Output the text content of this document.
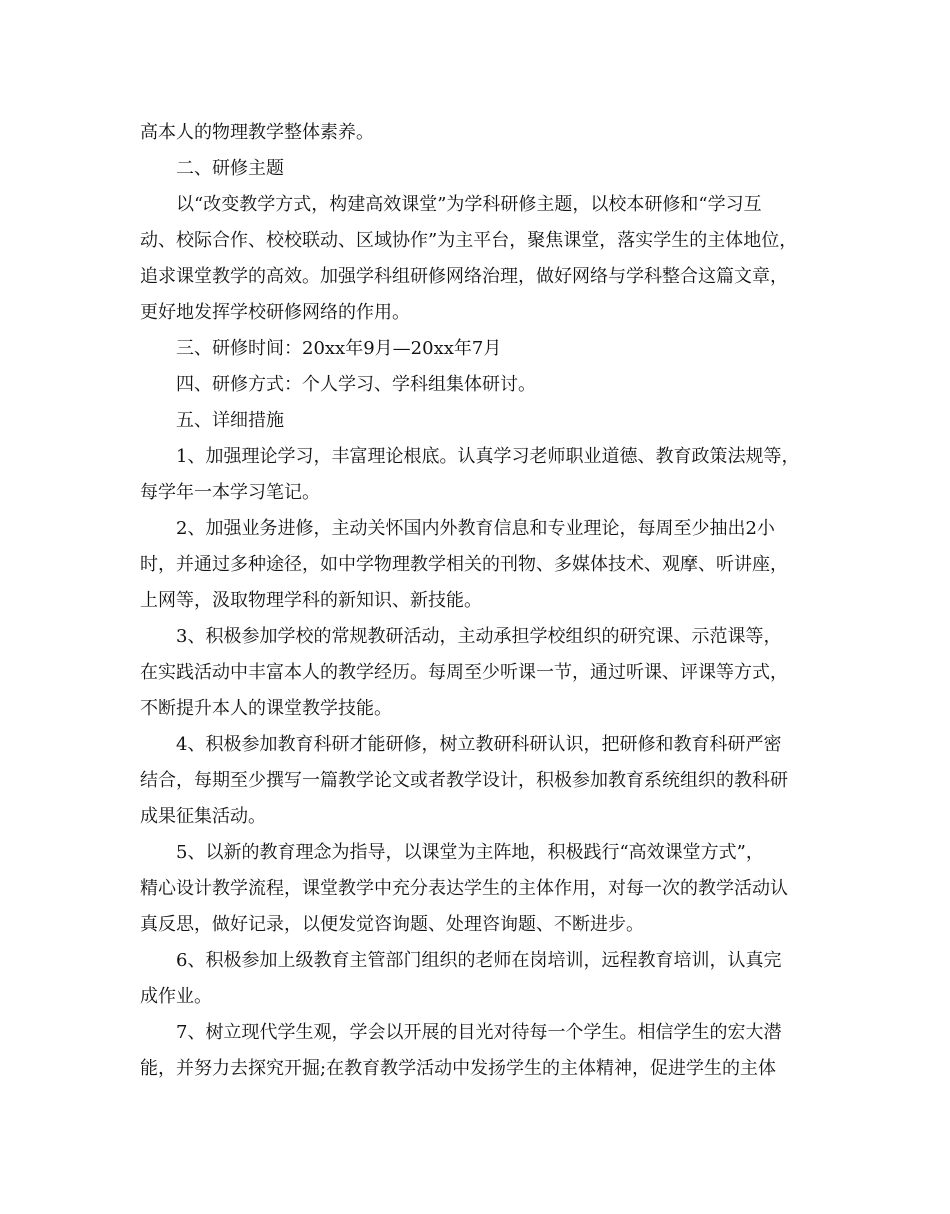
高本人的物理教学整体素养。
二、研修主题
以“改变教学方式，构建高效课堂”为学科研修主题，以校本研修和“学习互
动、校际合作、校校联动、区域协作”为主平台，聚焦课堂，落实学生的主体地位，
追求课堂教学的高效。加强学科组研修网络治理，做好网络与学科整合这篇文章，
更好地发挥学校研修网络的作用。
三、研修时间：20xx年9月—20xx年7月
四、研修方式：个人学习、学科组集体研讨。
五、详细措施
1、加强理论学习，丰富理论根底。认真学习老师职业道德、教育政策法规等，
每学年一本学习笔记。
2、加强业务进修，主动关怀国内外教育信息和专业理论，每周至少抽出2小
时，并通过多种途径，如中学物理教学相关的刊物、多媒体技术、观摩、听讲座，
上网等，汲取物理学科的新知识、新技能。
3、积极参加学校的常规教研活动，主动承担学校组织的研究课、示范课等，
在实践活动中丰富本人的教学经历。每周至少听课一节，通过听课、评课等方式，
不断提升本人的课堂教学技能。
4、积极参加教育科研才能研修，树立教研科研认识，把研修和教育科研严密
结合，每期至少撰写一篇教学论文或者教学设计，积极参加教育系统组织的教科研
成果征集活动。
5、以新的教育理念为指导，以课堂为主阵地，积极践行“高效课堂方式”，
精心设计教学流程，课堂教学中充分表达学生的主体作用，对每一次的教学活动认
真反思，做好记录，以便发觉咨询题、处理咨询题、不断进步。
6、积极参加上级教育主管部门组织的老师在岗培训，远程教育培训，认真完
成作业。
7、树立现代学生观，学会以开展的目光对待每一个学生。相信学生的宏大潜
能，并努力去探究开掘;在教育教学活动中发扬学生的主体精神，促进学生的主体
